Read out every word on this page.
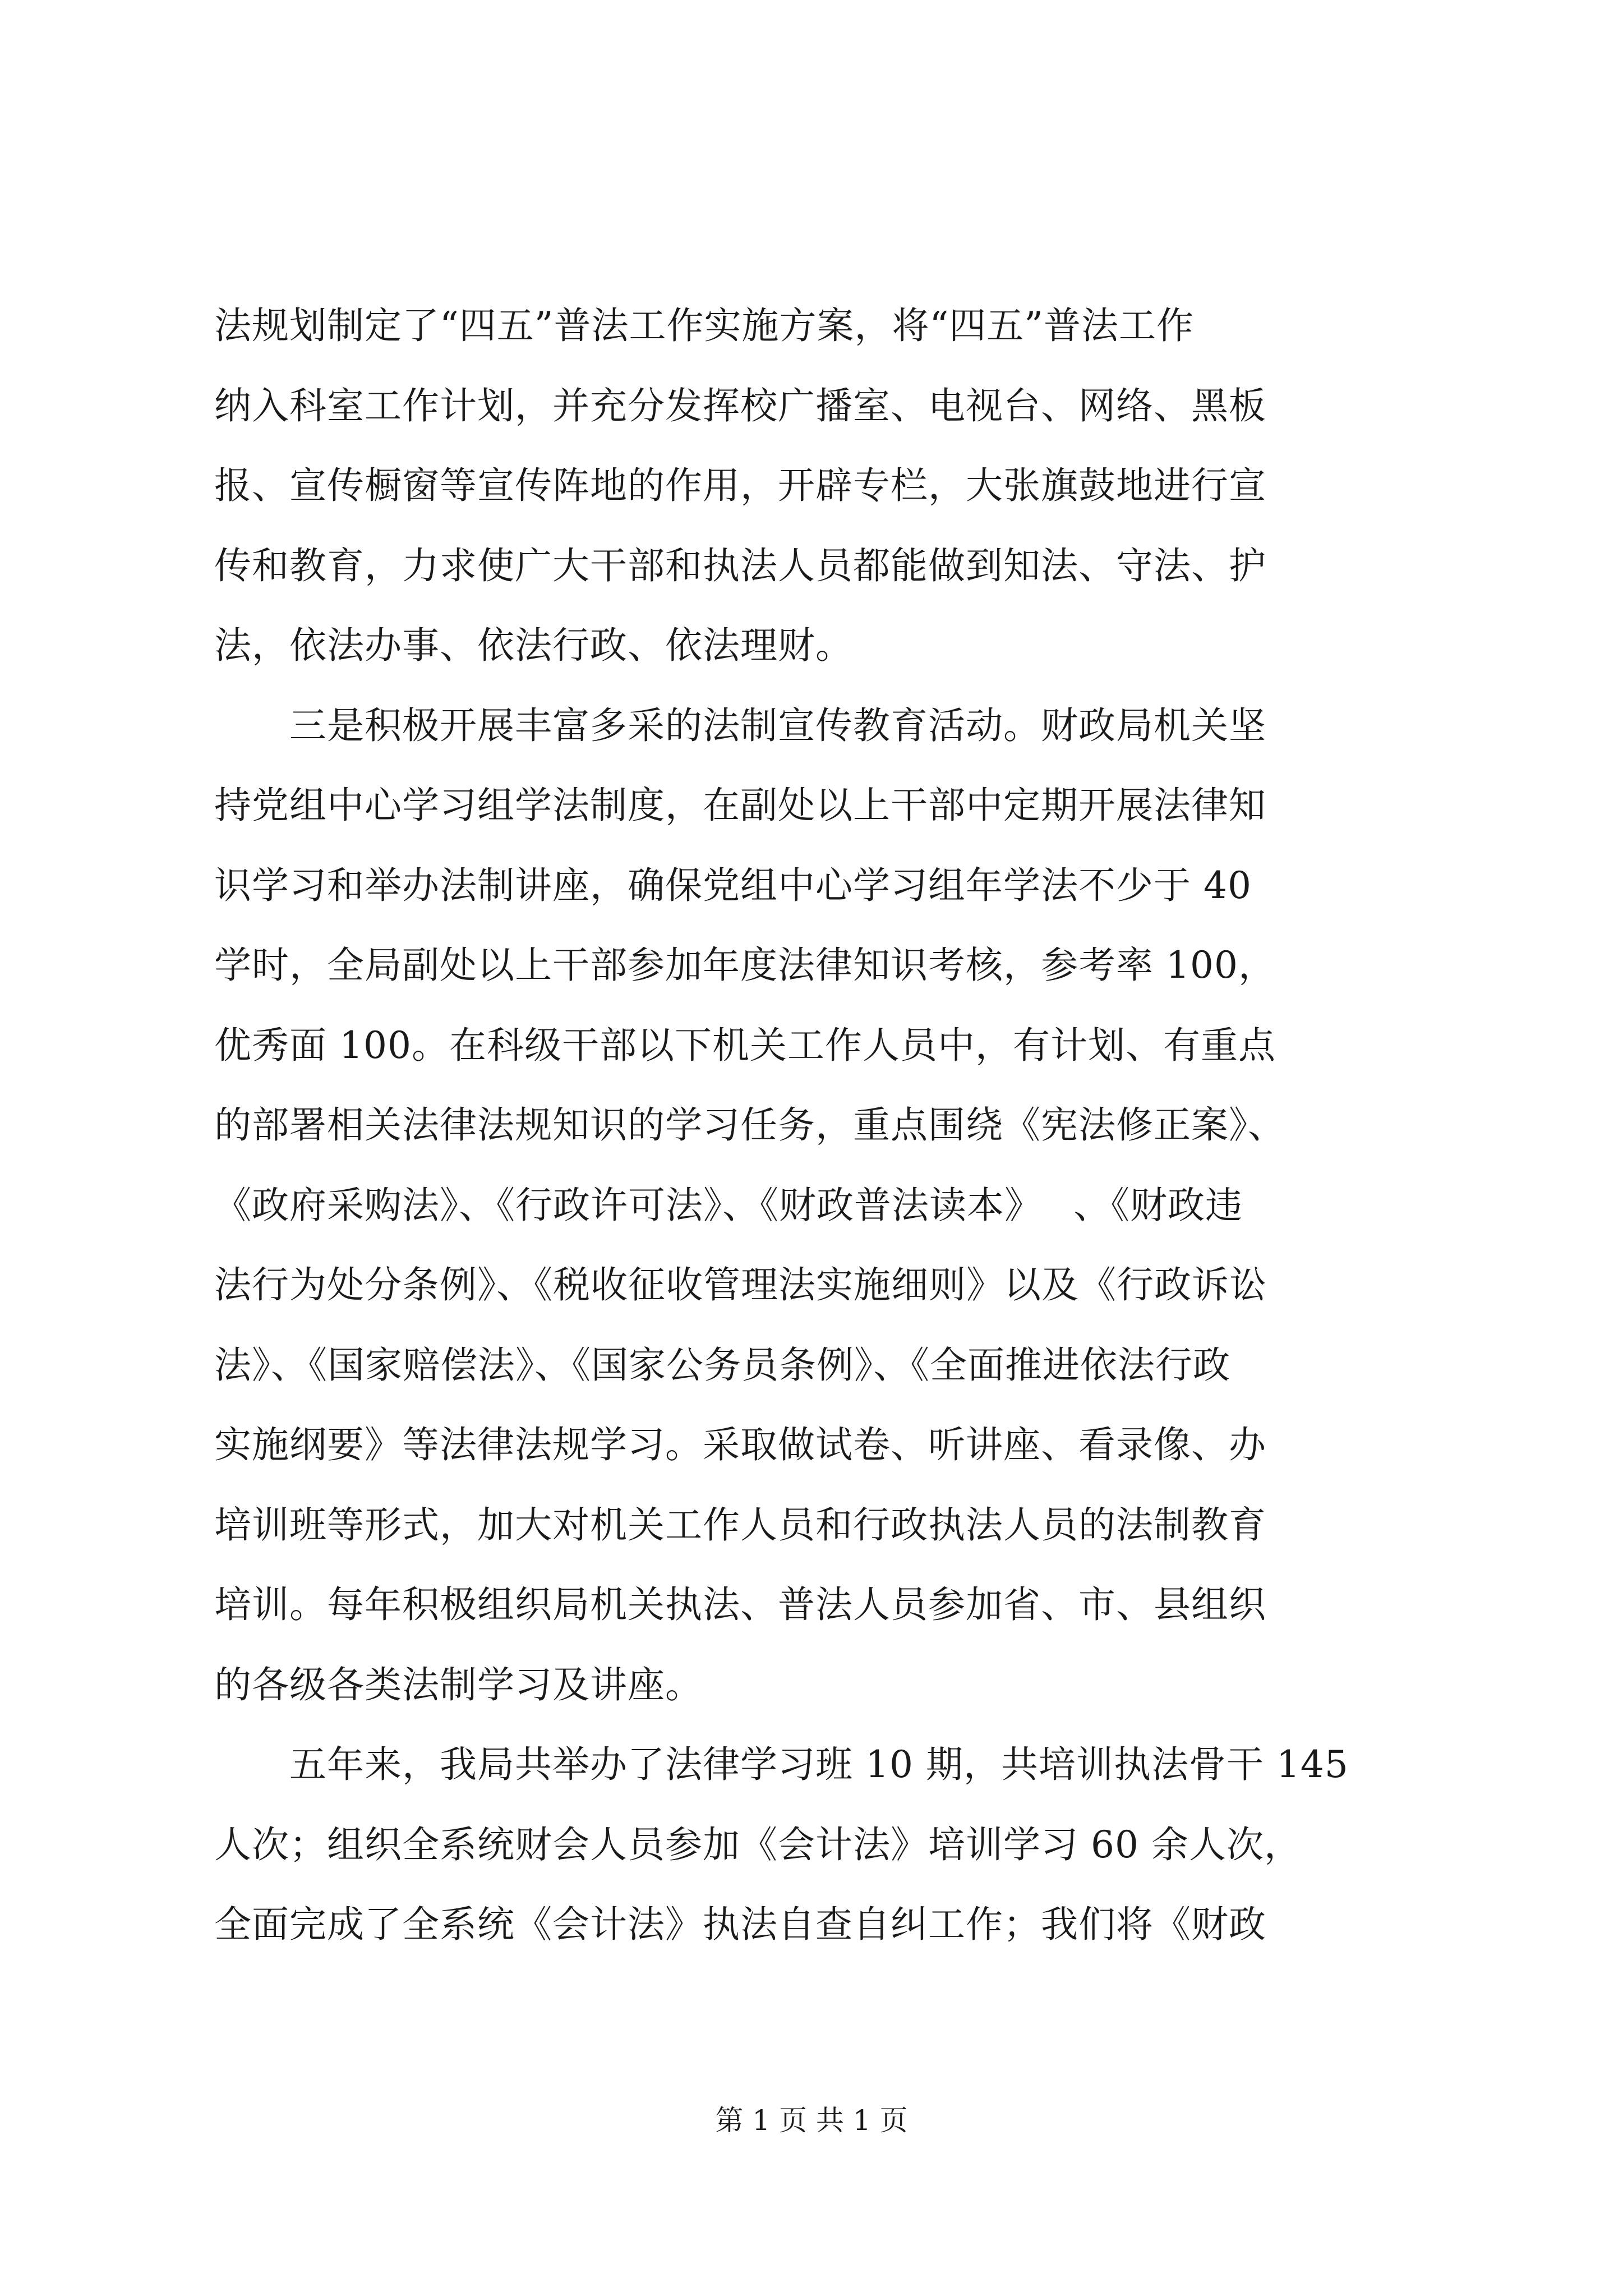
法规划制定了“四五”普法工作实施方案，将“四五”普法工作
纳入科室工作计划，并充分发挥校广播室、电视台、网络、黑板
报、宣传橱窗等宣传阵地的作用，开辟专栏，大张旗鼓地进行宣
传和教育，力求使广大干部和执法人员都能做到知法、守法、护
法，依法办事、依法行政、依法理财。
　　三是积极开展丰富多采的法制宣传教育活动。财政局机关坚
持党组中心学习组学法制度，在副处以上干部中定期开展法律知
识学习和举办法制讲座，确保党组中心学习组年学法不少于 40
学时，全局副处以上干部参加年度法律知识考核，参考率 100，
优秀面 100。在科级干部以下机关工作人员中，有计划、有重点
的部署相关法律法规知识的学习任务，重点围绕《宪法修正案》、
《政府采购法》、《行政许可法》、《财政普法读本》　 、《财政违
法行为处分条例》、《税收征收管理法实施细则》以及《行政诉讼
法》、《国家赔偿法》、《国家公务员条例》、《全面推进依法行政
实施纲要》等法律法规学习。采取做试卷、听讲座、看录像、办
培训班等形式，加大对机关工作人员和行政执法人员的法制教育
培训。每年积极组织局机关执法、普法人员参加省、市、县组织
的各级各类法制学习及讲座。
　　五年来，我局共举办了法律学习班 10 期，共培训执法骨干 145
人次；组织全系统财会人员参加《会计法》培训学习 60 余人次，
全面完成了全系统《会计法》执法自查自纠工作；我们将《财政
第 1 页 共 1 页
